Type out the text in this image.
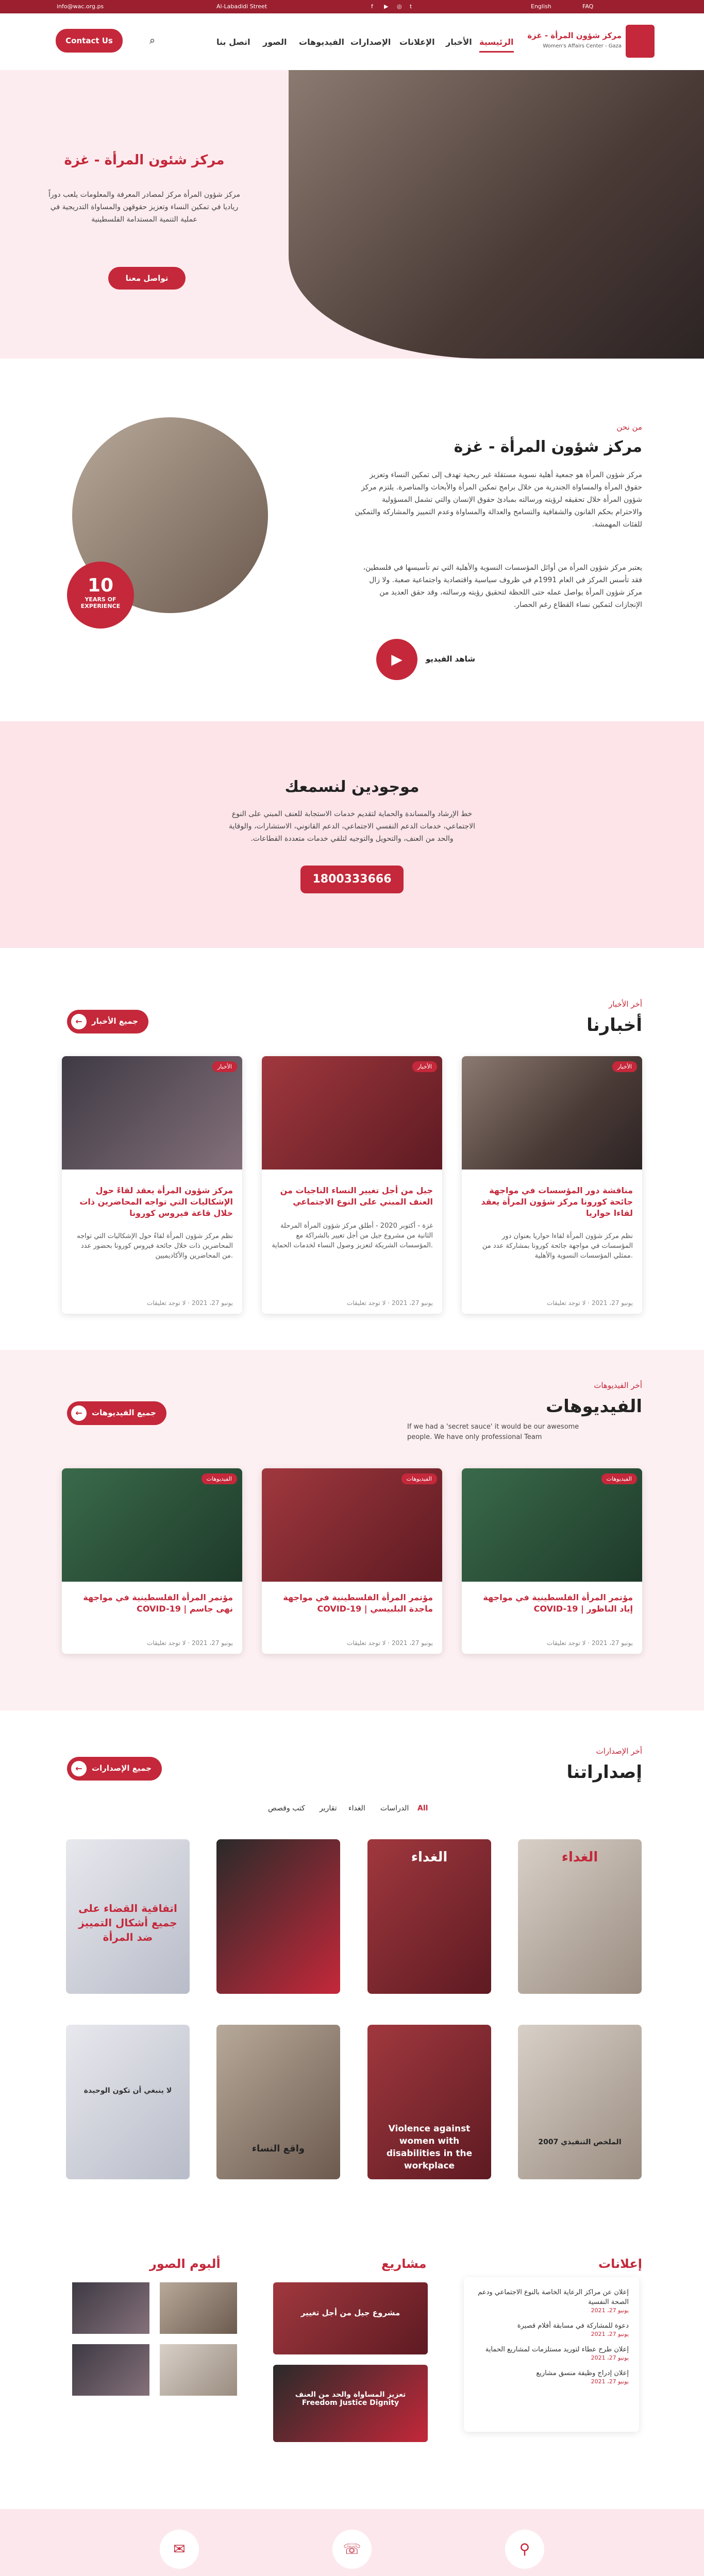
info@wac.org.ps	Al-Labadidi Street	f ▶ ◎ t	English	FAQ
Contact Us	⌕	اتصل بنا الصور الفيديوهات الإصدارات الإعلانات الأخبار الرئيسية
مركز شؤون المرأة - غزة
Women's Affairs Center - Gaza
مركز شئون المرأة - غزة
مركز شؤون المرأة مركز لمصادر المعرفة والمعلومات يلعب دوراً رياديا في تمكين النساء وتعزيز حقوقهن والمساواة التدريجية في عملية التنمية المستدامة الفلسطينية
تواصل معنا
10
YEARS OF
EXPERIENCE
من نحن
مركز شؤون المرأة - غزة
مركز شؤون المرأة هو جمعية أهلية نسوية مستقلة غير ربحية تهدف إلى تمكين النساء وتعزيز حقوق المرأة والمساواة الجندرية من خلال برامج تمكين المرأة والأبحاث والمناصرة. يلتزم مركز شؤون المرأة خلال تحقيقه لرؤيته ورسالته بمبادئ حقوق الإنسان والتي تشمل المسؤولية والاحترام بحكم القانون والشفافية والتسامح والعدالة والمساواة وعدم التمييز والمشاركة والتمكين للفئات المهمشة.
يعتبر مركز شؤون المرأة من أوائل المؤسسات النسوية والأهلية التي تم تأسيسها في فلسطين، فقد تأسس المركز في العام 1991م في ظروف سياسية واقتصادية واجتماعية صعبة. ولا زال مركز شؤون المرأة يواصل عمله حتى اللحظة لتحقيق رؤيته ورسالته، وقد حقق العديد من الإنجازات لتمكين نساء القطاع رغم الحصار.
▶	شاهد الفيديو
موجودين لنسمعك
خط الإرشاد والمساندة والحماية لتقديم خدمات الاستجابة للعنف المبني على النوع الاجتماعي، خدمات الدعم النفسي الاجتماعي، الدعم القانوني، الاستشارات، والوقاية والحد من العنف، والتحويل والتوجيه لتلقي خدمات متعددة القطاعات.
1800333666
أخر الأخبار
أخبارنا
←	جميع الأخبار
الأخبار
مركز شؤون المرأة يعقد لقاءً حول الإشكاليات التي تواجه المحاضرين ذات خلال قاعة فيروس كورونا
نظم مركز شؤون المرأة لقاءً حول الإشكاليات التي تواجه المحاضرين ذات خلال جائحة فيروس كورونا بحضور عدد من المحاضرين والأكاديميين.
يونيو 27، 2021 · لا توجد تعليقات
الأخبار
جيل من أجل تغيير النساء الناجيات من العنف المبني على النوع الاجتماعي
غزة - أكتوبر 2020 - أطلق مركز شؤون المرأة المرحلة الثانية من مشروع جيل من أجل تغيير بالشراكة مع المؤسسات الشريكة لتعزيز وصول النساء لخدمات الحماية.
يونيو 27، 2021 · لا توجد تعليقات
الأخبار
مناقشة دور المؤسسات في مواجهة جائحة كورونا مركز شؤون المرأة يعقد لقاءا حواريا
نظم مركز شؤون المرأة لقاءا حواريا بعنوان دور المؤسسات في مواجهة جائحة كورونا بمشاركة عدد من ممثلي المؤسسات النسوية والأهلية.
يونيو 27، 2021 · لا توجد تعليقات
أخر الفيديوهات
الفيديوهات
If we had a 'secret sauce' it would be our awesome people. We have only professional Team
←	جميع الفيديوهات
الفيديوهات
مؤتمر المرأة الفلسطينية في مواجهة COVID-19 | نهى جاسم
يونيو 27، 2021 · لا توجد تعليقات
الفيديوهات
مؤتمر المرأة الفلسطينية في مواجهة COVID-19 | ماجدة البلبيسي
يونيو 27، 2021 · لا توجد تعليقات
الفيديوهات
مؤتمر المرأة الفلسطينية في مواجهة COVID-19 | إياد الناظور
يونيو 27، 2021 · لا توجد تعليقات
أخر الإصدارات
إصداراتنا
←	جميع الإصدارات
All
الدراسات
الغداء
تقارير
كتب وقصص
الغداء
الغداء
اتفاقية القضاء على جميع أشكال التمييز ضد المرأة
الملخص التنفيذي 2007
Violence against women with disabilities in the workplace
واقع النساء
لا ينبغي أن تكون الوحيدة
إعلانات
إعلان عن مراكز الرعاية الخاصة بالنوع الاجتماعي ودعم الصحة النفسية
يونيو 27، 2021
دعوة للمشاركة في مسابقة أفلام قصيرة
يونيو 27، 2021
إعلان طرح عطاء لتوريد مستلزمات لمشاريع الحماية
يونيو 27، 2021
إعلان إدراج وظيفة منسق مشاريع
يونيو 27، 2021
مشاريع
مشروع جيل من أجل تغيير
تعزيز المساواة والحد من العنف Freedom Justice Dignity
ألبوم الصور
✉	☏	⚲
